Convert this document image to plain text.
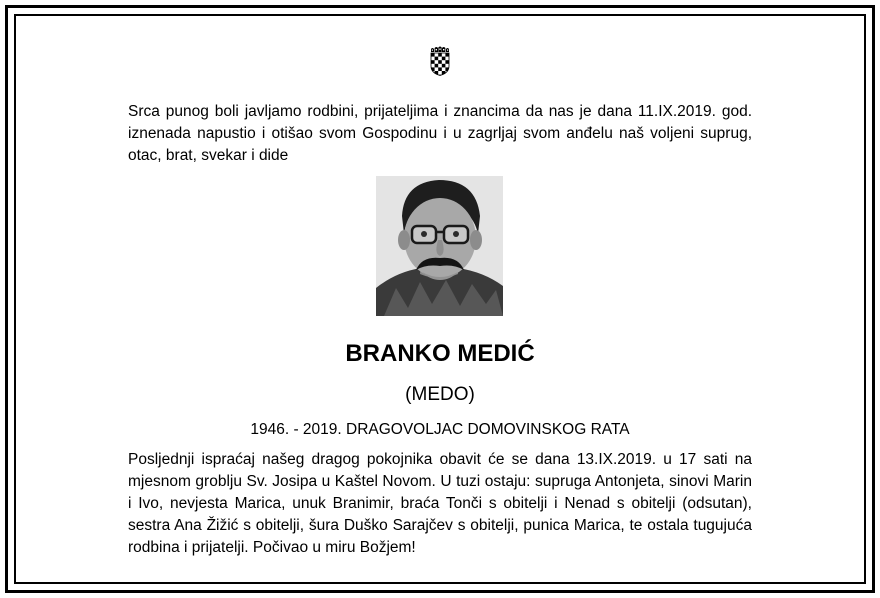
Srca punog boli javljamo rodbini, prijateljima i znancima da nas je dana 11.IX.2019. god.
iznenada napustio i otišao svom Gospodinu i u zagrljaj svom anđelu naš voljeni suprug,
otac, brat, svekar i dide

BRANKO MEDIĆ

(MEDO)

1946. - 2019. DRAGOVOLJAC DOMOVINSKOG RATA

Posljednji ispraćaj našeg dragog pokojnika obavit će se dana 13.IX.2019. u 17 sati na
mjesnom groblju Sv. Josipa u Kaštel Novom. U tuzi ostaju: supruga Antonjeta, sinovi Marin
i Ivo, nevjesta Marica, unuk Branimir, braća Tonči s obitelji i Nenad s obitelji (odsutan),
sestra Ana Žižić s obitelji, šura Duško Sarajčev s obitelji, punica Marica, te ostala tugujuća
rodbina i prijatelji. Počivao u miru Božjem!
